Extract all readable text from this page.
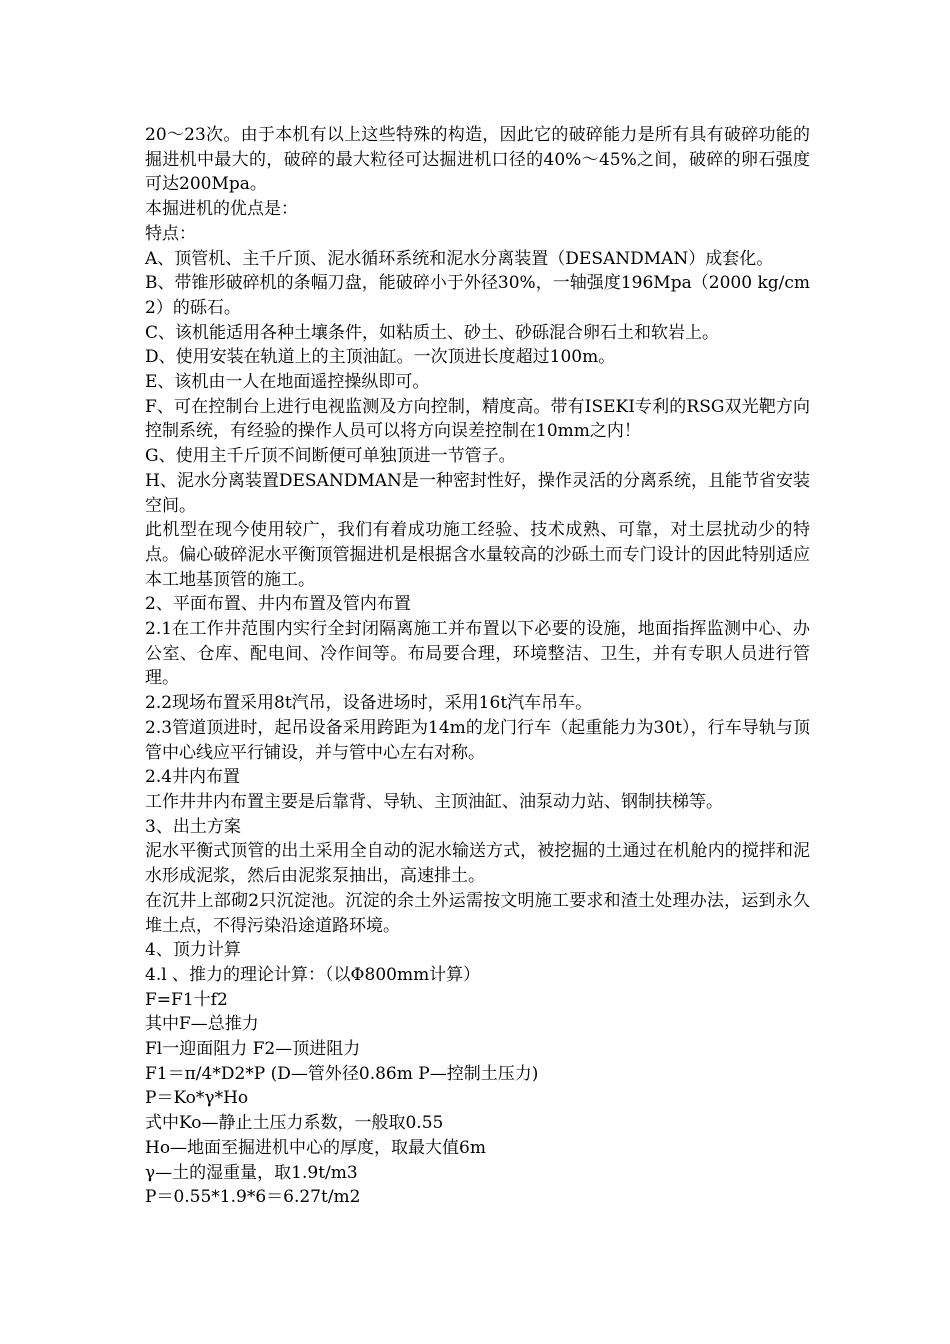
20～23次。由于本机有以上这些特殊的构造，因此它的破碎能力是所有具有破碎功能的掘进机中最大的，破碎的最大粒径可达掘进机口径的40%～45%之间，破碎的卵石强度可达200Mpa。

本掘进机的优点是：

特点：

A、顶管机、主千斤顶、泥水循环系统和泥水分离装置（DESANDMAN）成套化。

B、带锥形破碎机的条幅刀盘，能破碎小于外径30%，一轴强度196Mpa（2000 kg/cm2）的砾石。

C、该机能适用各种土壤条件，如粘质土、砂土、砂砾混合卵石土和软岩上。

D、使用安装在轨道上的主顶油缸。一次顶进长度超过100m。

E、该机由一人在地面遥控操纵即可。

F、可在控制台上进行电视监测及方向控制，精度高。带有ISEKI专利的RSG双光靶方向控制系统，有经验的操作人员可以将方向误差控制在10mm之内！

G、使用主千斤顶不间断便可单独顶进一节管子。

H、泥水分离装置DESANDMAN是一种密封性好，操作灵活的分离系统，且能节省安装空间。

此机型在现今使用较广，我们有着成功施工经验、技术成熟、可靠，对土层扰动少的特点。偏心破碎泥水平衡顶管掘进机是根据含水量较高的沙砾土而专门设计的因此特别适应本工地基顶管的施工。

2、平面布置、井内布置及管内布置

2.1在工作井范围内实行全封闭隔离施工并布置以下必要的设施，地面指挥监测中心、办公室、仓库、配电间、冷作间等。布局要合理，环境整洁、卫生，并有专职人员进行管理。

2.2现场布置采用8t汽吊，设备进场时，采用16t汽车吊车。

2.3管道顶进时，起吊设备采用跨距为14m的龙门行车（起重能力为30t），行车导轨与顶管中心线应平行铺设，并与管中心左右对称。

2.4井内布置

工作井井内布置主要是后靠背、导轨、主顶油缸、油泵动力站、钢制扶梯等。

3、出土方案

泥水平衡式顶管的出土采用全自动的泥水输送方式，被挖掘的土通过在机舱内的搅拌和泥水形成泥浆，然后由泥浆泵抽出，高速排土。

在沉井上部砌2只沉淀池。沉淀的余土外运需按文明施工要求和渣土处理办法，运到永久堆土点，不得污染沿途道路环境。

4、顶力计算

4.l 、推力的理论计算：（以Φ800mm计算）

F=F1十f2

其中F—总推力

Fl一迎面阻力 F2—顶进阻力

F1＝π/4*D2*P (D—管外径0.86m P—控制土压力)

P＝Ko*γ*Ho

式中Ko—静止土压力系数，一般取0.55

Ho—地面至掘进机中心的厚度，取最大值6m

γ—土的湿重量，取1.9t/m3

P＝0.55*1.9*6＝6.27t/m2
